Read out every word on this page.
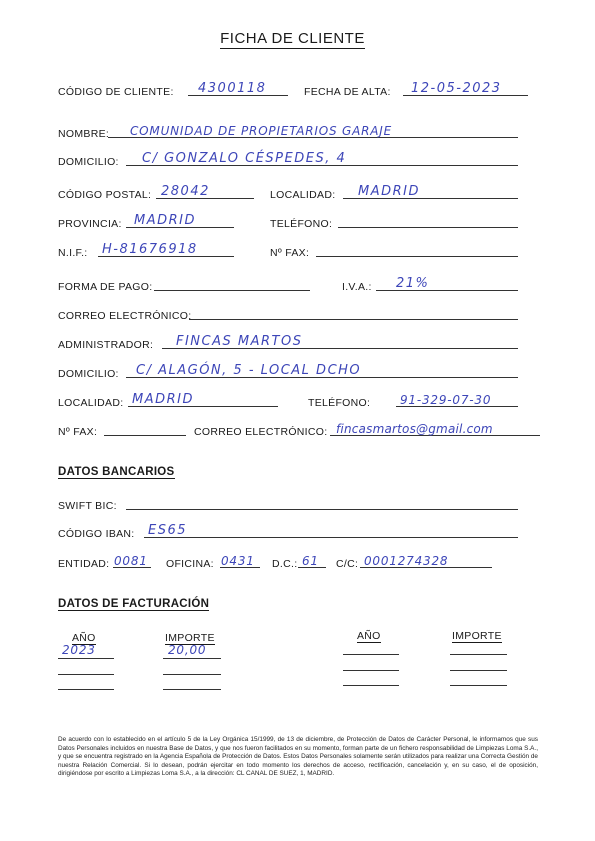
FICHA DE CLIENTE
CÓDIGO DE CLIENTE: 4300118	FECHA DE ALTA: 12-05-2023
NOMBRE: COMUNIDAD DE PROPIETARIOS GARAJE
DOMICILIO: C/ GONZALO CÉSPEDES, 4
CÓDIGO POSTAL: 28042	LOCALIDAD: MADRID
PROVINCIA: MADRID	TELÉFONO:
N.I.F.: H-81676918	Nº FAX:
FORMA DE PAGO:	I.V.A.: 21%
CORREO ELECTRÓNICO:
ADMINISTRADOR: FINCAS MARTOS
DOMICILIO: C/ ALAGÓN, 5 - LOCAL DCHO
LOCALIDAD: MADRID	TELÉFONO: 91-329-07-30
Nº FAX:	CORREO ELECTRÓNICO: fincasmartos@gmail.com
DATOS BANCARIOS
SWIFT BIC:
CÓDIGO IBAN: ES65
ENTIDAD: 0081 OFICINA: 0431 D.C.: 61 C/C: 0001274328
DATOS DE FACTURACIÓN
AÑO	IMPORTE	AÑO	IMPORTE
2023	20,00
De acuerdo con lo establecido en el artículo 5 de la Ley Orgánica 15/1999, de 13 de diciembre, de Protección de Datos de Carácter Personal, le informamos que sus Datos Personales incluidos en nuestra Base de Datos, y que nos fueron facilitados en su momento, forman parte de un fichero responsabilidad de Limpiezas Loma S.A., y que se encuentra registrado en la Agencia Española de Protección de Datos. Estos Datos Personales solamente serán utilizados para realizar una Correcta Gestión de nuestra Relación Comercial. Si lo desean, podrán ejercitar en todo momento los derechos de acceso, rectificación, cancelación y, en su caso, el de oposición, dirigiéndose por escrito a Limpiezas Loma S.A., a la dirección: CL CANAL DE SUEZ, 1, MADRID.
